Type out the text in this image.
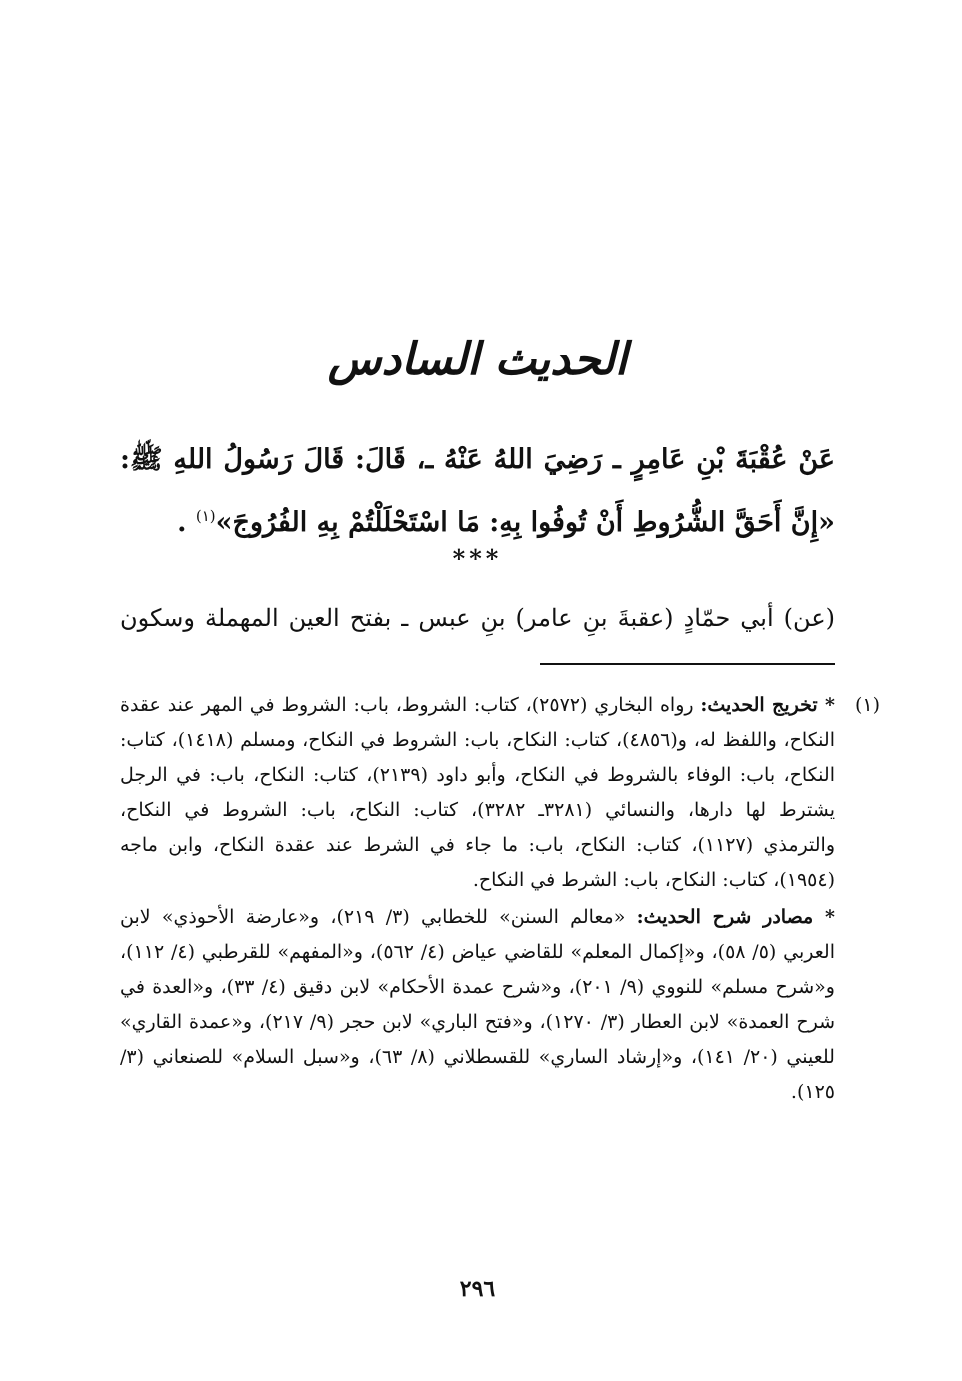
الحديث السادس

عَنْ عُقْبَةَ بْنِ عَامِرٍ ـ رَضِيَ اللهُ عَنْهُ ـ، قَالَ: قَالَ رَسُولُ اللهِ ﷺ: «إِنَّ أَحَقَّ الشُّرُوطِ أَنْ تُوفُوا بِهِ: مَا اسْتَحْلَلْتُمْ بِهِ الفُرُوجَ»$^{(١)}$ .

***

(عن) أبي حمّادٍ (عقبةَ بنِ عامر) بنِ عبس ـ بفتح العين المهملة وسكون

(١)

* تخريج الحديث: رواه البخاري (٢٥٧٢)، كتاب: الشروط، باب: الشروط في المهر عند عقدة النكاح، واللفظ له، و(٤٨٥٦)، كتاب: النكاح، باب: الشروط في النكاح، ومسلم (١٤١٨)، كتاب: النكاح، باب: الوفاء بالشروط في النكاح، وأبو داود (٢١٣٩)، كتاب: النكاح، باب: في الرجل يشترط لها دارها، والنسائي (٣٢٨١ـ ٣٢٨٢)، كتاب: النكاح، باب: الشروط في النكاح، والترمذي (١١٢٧)، كتاب: النكاح، باب: ما جاء في الشرط عند عقدة النكاح، وابن ماجه (١٩٥٤)، كتاب: النكاح، باب: الشرط في النكاح.

* مصادر شرح الحديث: «معالم السنن» للخطابي (٣/ ٢١٩)، و«عارضة الأحوذي» لابن العربي (٥/ ٥٨)، و«إكمال المعلم» للقاضي عياض (٤/ ٥٦٢)، و«المفهم» للقرطبي (٤/ ١١٢)، و«شرح مسلم» للنووي (٩/ ٢٠١)، و«شرح عمدة الأحكام» لابن دقيق (٤/ ٣٣)، و«العدة في شرح العمدة» لابن العطار (٣/ ١٢٧٠)، و«فتح الباري» لابن حجر (٩/ ٢١٧)، و«عمدة القاري» للعيني (٢٠/ ١٤١)، و«إرشاد الساري» للقسطلاني (٨/ ٦٣)، و«سبل السلام» للصنعاني (٣/ ١٢٥).

٢٩٦
